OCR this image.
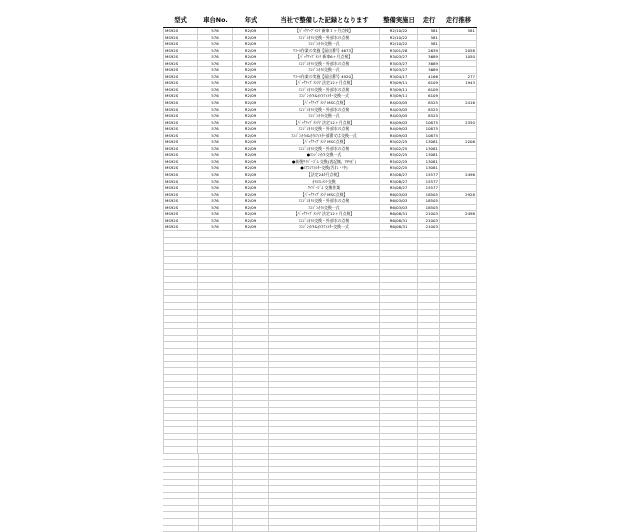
型式	車台No.	年式	当社で整備した記録となります	整備実施日	走行	走行推移
MS92S	576	R2/09	【ﾊﾞｯｸｱｯﾌﾟﾒﾝﾃ 新車１ヶ月点検】	R2/10/22	581	581
MS92S	576	R2/09	ｴﾝｼﾞﾝｵｲﾙ交換・外部水の点検	R2/10/22	581
MS92S	576	R2/09	ｴﾝｼﾞﾝｵｲﾙ交換一式	R2/10/22	581
MS92S	576	R2/09	ﾘｺｰﾙ作業の実施【届出番号 4673】	R3/01/28	2639	2058
MS92S	576	R2/09	【ﾊﾞｯｸｱｯﾌﾟﾒﾝﾃ 新車6ヶ月点検】	R3/03/27	3689	1050
MS92S	576	R2/09	ｴﾝｼﾞﾝｵｲﾙ交換・外部水の点検	R3/03/27	3689
MS92S	576	R2/09	ｴﾝｼﾞﾝｵｲﾙ交換一式	R3/03/27	3689
MS92S	576	R2/09	ﾘｺｰﾙ作業の実施【届出番号 4920】	R3/04/17	4166	277
MS92S	576	R2/09	【ﾊﾞｯｸｱｯﾌﾟﾒﾝﾃﾅ 法定12ヶ月点検】	R3/09/11	6109	1943
MS92S	576	R2/09	ｴﾝｼﾞﾝｵｲﾙ交換・外部水の点検	R3/09/11	6109
MS92S	576	R2/09	ｴﾝｼﾞﾝｵｲﾙ&ｵｲﾙﾌｨﾙﾀｰ交換一式	R3/09/11	6109
MS92S	576	R2/09	【ﾊﾞｯｸｱｯﾌﾟﾒﾝﾃ MSC点検】	R4/03/05	8525	2416
MS92S	576	R2/09	ｴﾝｼﾞﾝｵｲﾙ交換・外部水の点検	R4/03/05	8525
MS92S	576	R2/09	ｴﾝｼﾞﾝｵｲﾙ交換一式	R4/03/05	8525
MS92S	576	R2/09	【ﾊﾞｯｸｱｯﾌﾟﾒﾝﾃﾅ 法定12ヶ月点検】	R4/09/03	10875	2350
MS92S	576	R2/09	ｴﾝｼﾞﾝｵｲﾙ交換・外部水の点検	R4/09/03	10875
MS92S	576	R2/09	ｴﾝｼﾞﾝｵｲﾙ&ｵｲﾙﾌｨﾙﾀｰ部番又は交換一式	R4/09/03	10875
MS92S	576	R2/09	【ﾊﾞｯｸｱｯﾌﾟﾒﾝﾃ MSC点検】	R5/02/25	13081	2206
MS92S	576	R2/09	ｴﾝｼﾞﾝｵｲﾙ交換・外部水の点検	R5/02/25	13081
MS92S	576	R2/09	●ｴﾝｼﾞﾝｵｲﾙ交換一式	R5/02/25	13081
MS92S	576	R2/09	●前後ﾜｲﾊﾟｰｺﾞﾑ 交換(表記無、TPIﾋﾞ)	R5/02/25	13081
MS92S	576	R2/09	●ｴｱｺﾝﾌｨﾙﾀｰ交換(汚れ・中)	R5/02/25	13081
MS92S	576	R2/09	【法定24ｶ月点検】	R5/08/27	15577	2496
MS92S	576	R2/09	ｵｲﾙｴﾚﾒﾝﾄ交換	R5/08/27	15577
MS92S	576	R2/09	ﾜｲﾊﾟｰｺﾞﾑ 交換作業	R5/08/27	15577
MS92S	576	R2/09	【ﾊﾞｯｸｱｯﾌﾟﾒﾝﾃ MSC点検】	R6/03/03	18505	2928
MS92S	576	R2/09	ｴﾝｼﾞﾝｵｲﾙ交換・外部水の点検	R6/03/03	18505
MS92S	576	R2/09	ｴﾝｼﾞﾝｵｲﾙ交換一式	R6/03/03	18505
MS92S	576	R2/09	【ﾊﾞｯｸｱｯﾌﾟﾒﾝﾃﾅ 法定12ヶ月点検】	R6/08/31	21003	2498
MS92S	576	R2/09	ｴﾝｼﾞﾝｵｲﾙ交換・外部水の点検	R6/08/31	21003
MS92S	576	R2/09	ｴﾝｼﾞﾝｵｲﾙ&ｵｲﾙﾌｨﾙﾀｰ交換一式	R6/08/31	21003
